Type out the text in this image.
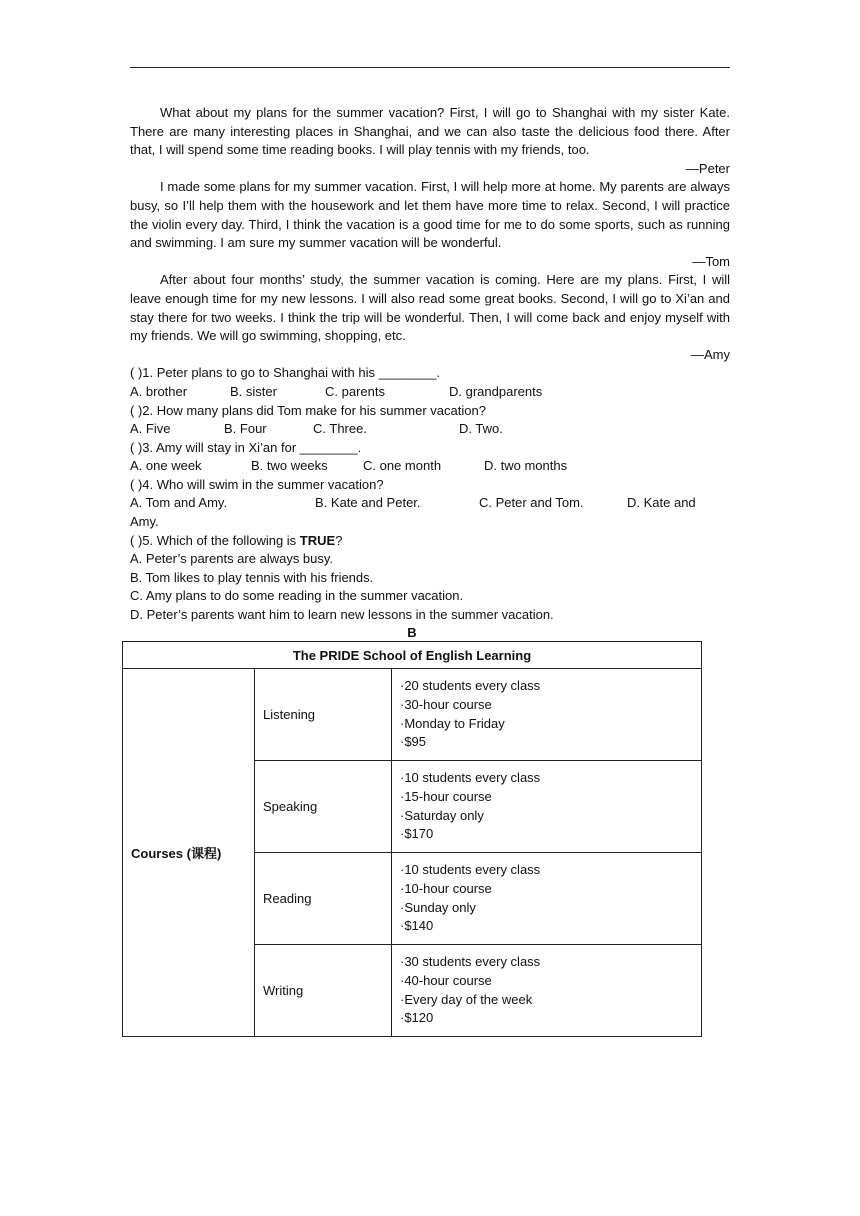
What about my plans for the summer vacation? First, I will go to Shanghai with my sister Kate. There are many interesting places in Shanghai, and we can also taste the delicious food there. After that, I will spend some time reading books. I will play tennis with my friends, too.

—Peter

I made some plans for my summer vacation. First, I will help more at home. My parents are always busy, so I’ll help them with the housework and let them have more time to relax. Second, I will practice the violin every day. Third, I think the vacation is a good time for me to do some sports, such as running and swimming. I am sure my summer vacation will be wonderful.

—Tom

After about four months’ study, the summer vacation is coming. Here are my plans. First, I will leave enough time for my new lessons. I will also read some great books. Second, I will go to Xi’an and stay there for two weeks. I think the trip will be wonderful. Then, I will come back and enjoy myself with my friends. We will go swimming, shopping, etc.

—Amy

( )1. Peter plans to go to Shanghai with his ________.

A. brother	B. sister	C. parents	D. grandparents

( )2. How many plans did Tom make for his summer vacation?

A. Five	B. Four	C. Three.	D. Two.

( )3. Amy will stay in Xi’an for ________.

A. one week	B. two weeks	C. one month	D. two months

( )4. Who will swim in the summer vacation?

A. Tom and Amy.	B. Kate and Peter.	C. Peter and Tom.	D. Kate and

Amy.

( )5. Which of the following is TRUE?

A. Peter’s parents are always busy.

B. Tom likes to play tennis with his friends.

C. Amy plans to do some reading in the summer vacation.

D. Peter’s parents want him to learn new lessons in the summer vacation.

B
The PRIDE School of English Learning		
Courses (课程)	Listening	·20 students every class
·30-hour course
·Monday to Friday
·$95

	Speaking	·10 students every class
·15-hour course
·Saturday only
·$170

	Reading	·10 students every class
·10-hour course
·Sunday only
·$140

	Writing	·30 students every class
·40-hour course
·Every day of the week
·$120
